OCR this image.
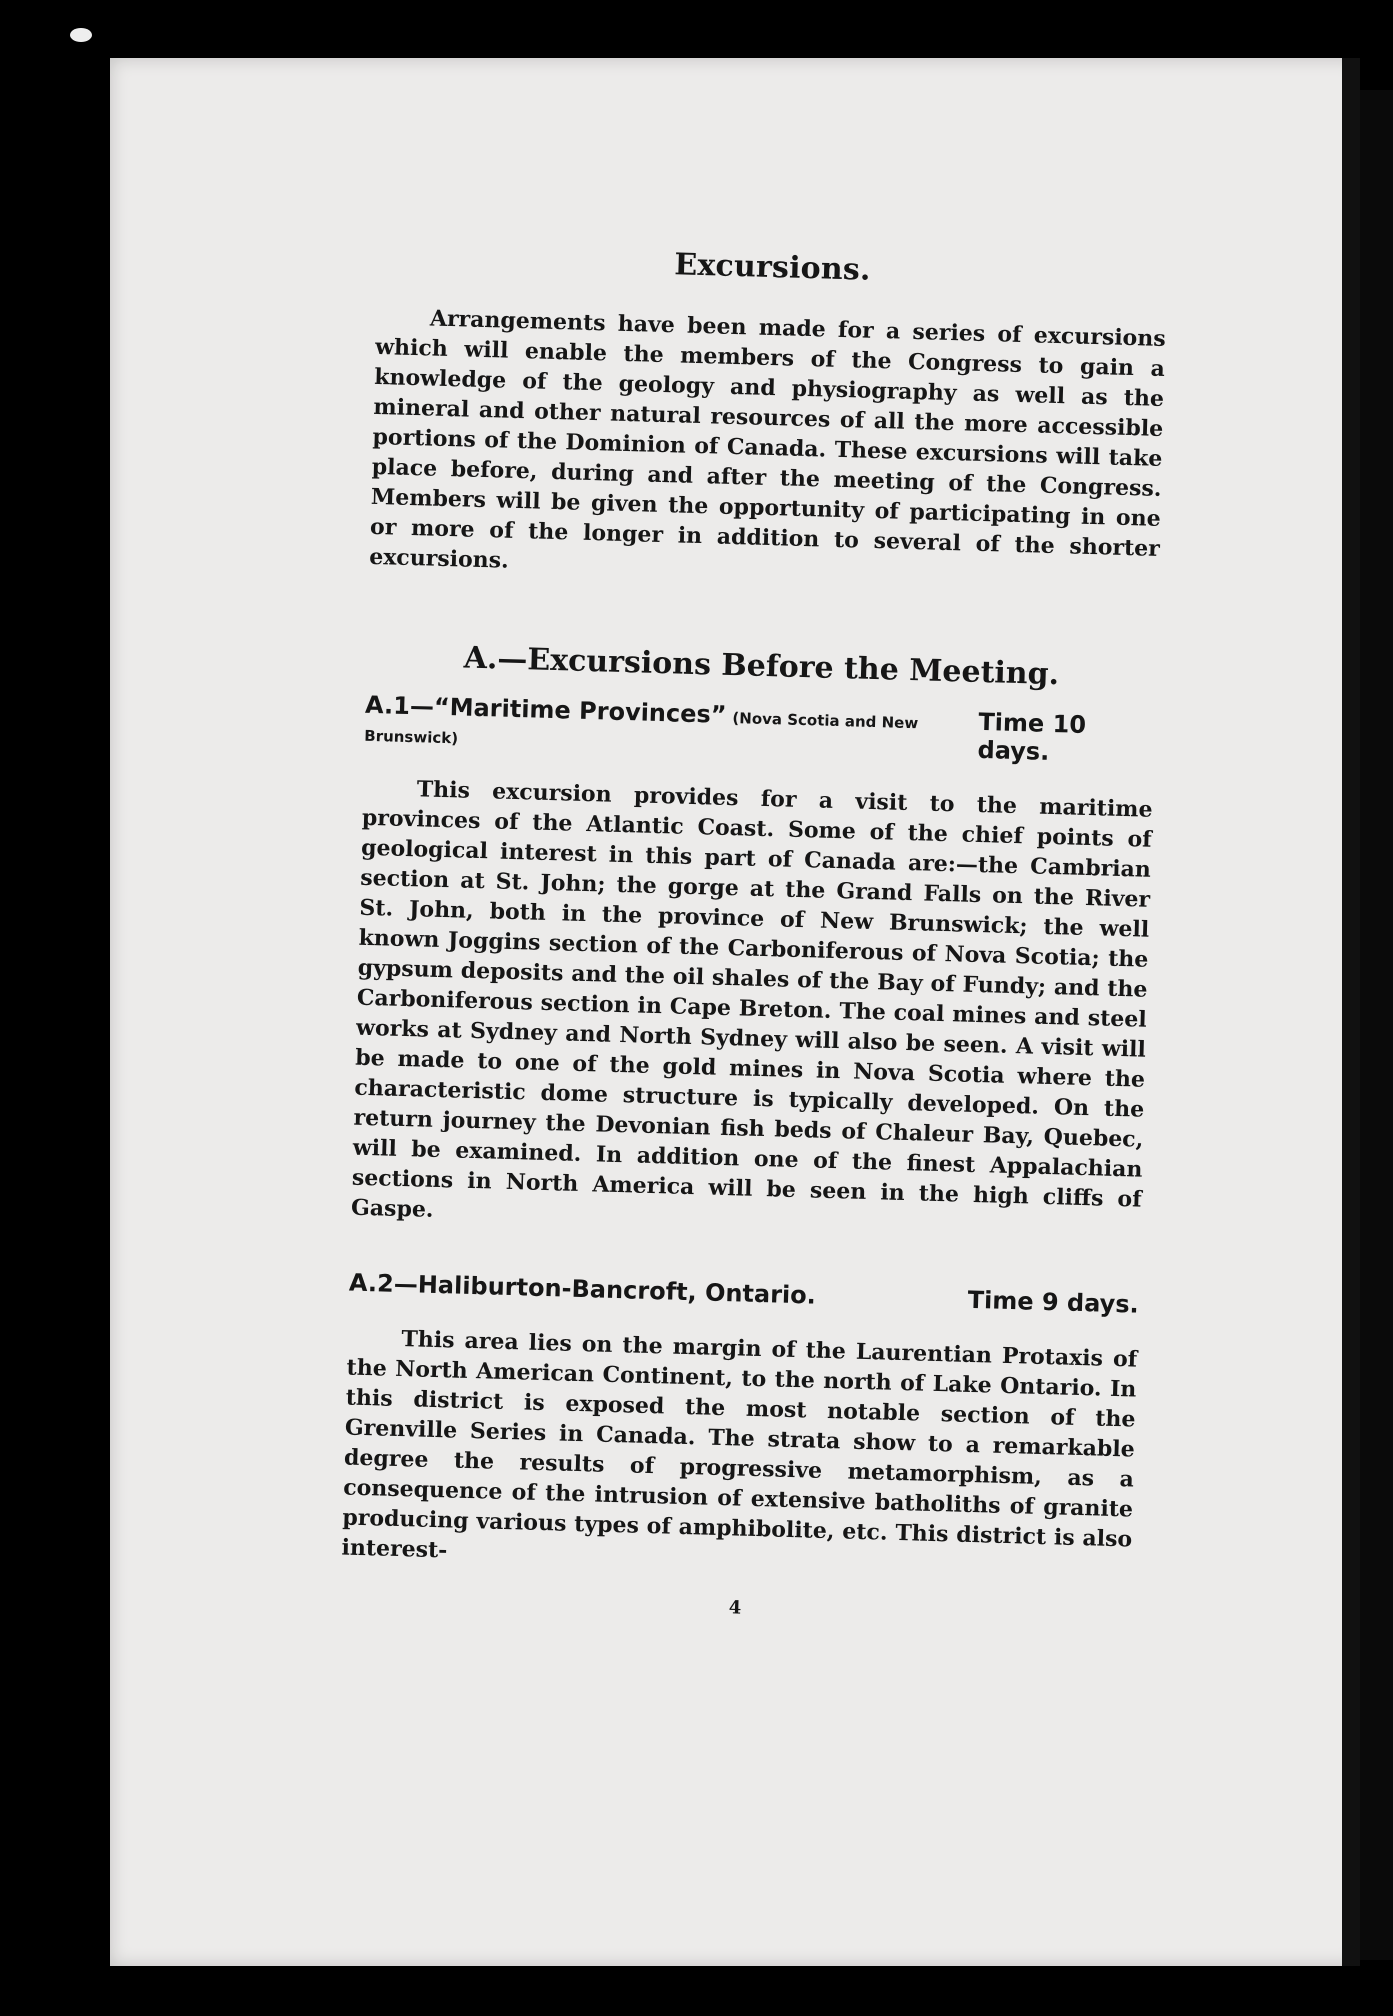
Excursions.

Arrangements have been made for a series of excursions which will enable the members of the Congress to gain a knowledge of the geology and physiography as well as the mineral and other natural resources of all the more accessible portions of the Dominion of Canada. These excursions will take place before, during and after the meeting of the Congress. Members will be given the opportunity of participating in one or more of the longer in addition to several of the shorter excursions.

A.—Excursions Before the Meeting.
A.1—“Maritime Provinces” (Nova Scotia and New Brunswick)	Time 10 days.

This excursion provides for a visit to the maritime provinces of the Atlantic Coast. Some of the chief points of geological interest in this part of Canada are:—the Cambrian section at St. John; the gorge at the Grand Falls on the River St. John, both in the province of New Brunswick; the well known Joggins section of the Carboniferous of Nova Scotia; the gypsum deposits and the oil shales of the Bay of Fundy; and the Carboniferous section in Cape Breton. The coal mines and steel works at Sydney and North Sydney will also be seen. A visit will be made to one of the gold mines in Nova Scotia where the characteristic dome structure is typically developed. On the return journey the Devonian fish beds of Chaleur Bay, Quebec, will be examined. In addition one of the finest Appalachian sections in North America will be seen in the high cliffs of Gaspe.

A.2—Haliburton-Bancroft, Ontario.	Time 9 days.

This area lies on the margin of the Laurentian Protaxis of the North American Continent, to the north of Lake Ontario. In this district is exposed the most notable section of the Grenville Series in Canada. The strata show to a remarkable degree the results of progressive metamorphism, as a consequence of the intrusion of extensive batholiths of granite producing various types of amphibolite, etc. This district is also interest-

4
